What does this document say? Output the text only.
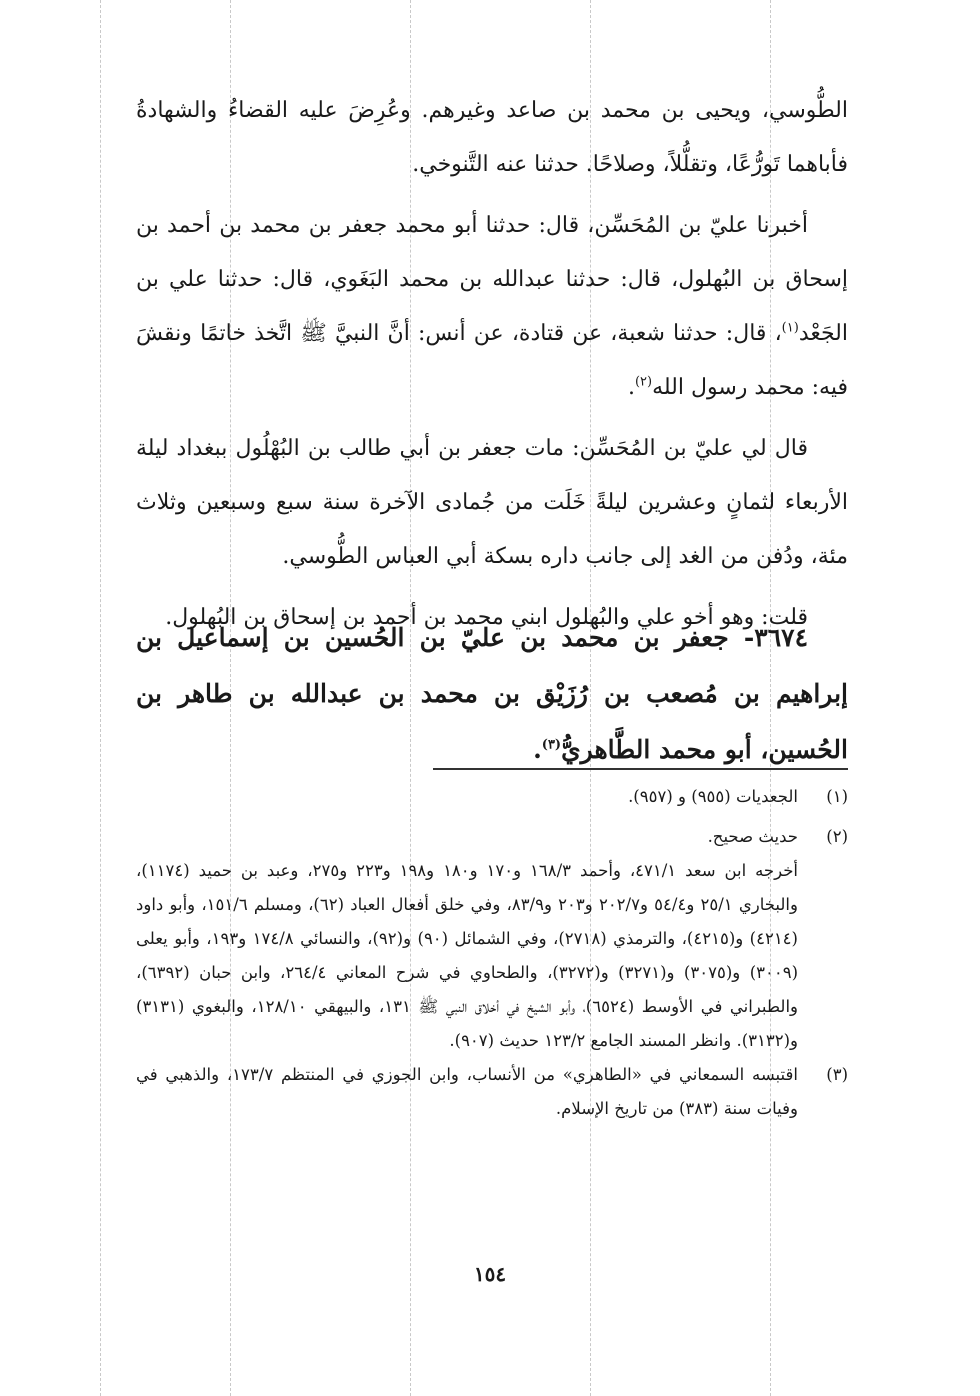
الطُّوسي، ويحيى بن محمد بن صاعد وغيرهم. وعُرِضَ عليه القضاءُ والشهادةُ فأباهما تَورُّعًا، وتقلُّلاً، وصلاحًا. حدثنا عنه التَّنوخي.

أخبرنا عليّ بن المُحَسِّن، قال: حدثنا أبو محمد جعفر بن محمد بن أحمد بن إسحاق بن البُهلول، قال: حدثنا عبدالله بن محمد البَغَوي، قال: حدثنا علي بن الجَعْد$^{(١)}$، قال: حدثنا شعبة، عن قتادة، عن أنس: أنَّ النبيَّ ﷺ اتَّخذ خاتمًا ونقشَ فيه: محمد رسول الله$^{(٢)}$.

قال لي عليّ بن المُحَسِّن: مات جعفر بن أبي طالب بن البُهْلُول ببغداد ليلة الأربعاء لثمانٍ وعشرين ليلةً خَلَت من جُمادى الآخرة سنة سبع وسبعين وثلاث مئة، ودُفن من الغد إلى جانب داره بسكة أبي العباس الطُّوسي.

قلت: وهو أخو علي والبُهلول ابني محمد بن أحمد بن إسحاق بن البُهلول.

٣٦٧٤- جعفر بن محمد بن عليّ بن الحُسين بن إسماعيل بن إبراهيم بن مُصعب بن رُزَيْق بن محمد بن عبدالله بن طاهر بن الحُسين، أبو محمد الطَّاهريُّ$^{(٣)}$.
(١)
الجعديات (٩٥٥) و (٩٥٧).
(٢)
حديث صحيح.

أخرجه ابن سعد ٤٧١/١، وأحمد ١٦٨/٣ و١٧٠ و١٨٠ و١٩٨ و٢٢٣ و٢٧٥، وعبد بن حميد (١١٧٤)، والبخاري ٢٥/١ و٥٤/٤ و٢٠٢/٧ و٢٠٣ و٨٣/٩، وفي خلق أفعال العباد (٦٢)، ومسلم ١٥١/٦، وأبو داود (٤٢١٤) و(٤٢١٥)، والترمذي (٢٧١٨)، وفي الشمائل (٩٠) و(٩٢)، والنسائي ١٧٤/٨ و١٩٣، وأبو يعلى (٣٠٠٩) و(٣٠٧٥) و(٣٢٧١) و(٣٢٧٢)، والطحاوي في شرح المعاني ٢٦٤/٤، وابن حبان (٦٣٩٢)، والطبراني في الأوسط (٦٥٢٤)، وأبو الشيخ في أخلاق النبي ﷺ ١٣١، والبيهقي ١٢٨/١٠، والبغوي (٣١٣١) و(٣١٣٢). وانظر المسند الجامع ١٢٣/٢ حديث (٩٠٧).

(٣)
اقتبسه السمعاني في «الطاهري» من الأنساب، وابن الجوزي في المنتظم ١٧٣/٧، والذهبي في وفيات سنة (٣٨٣) من تاريخ الإسلام.
١٥٤
